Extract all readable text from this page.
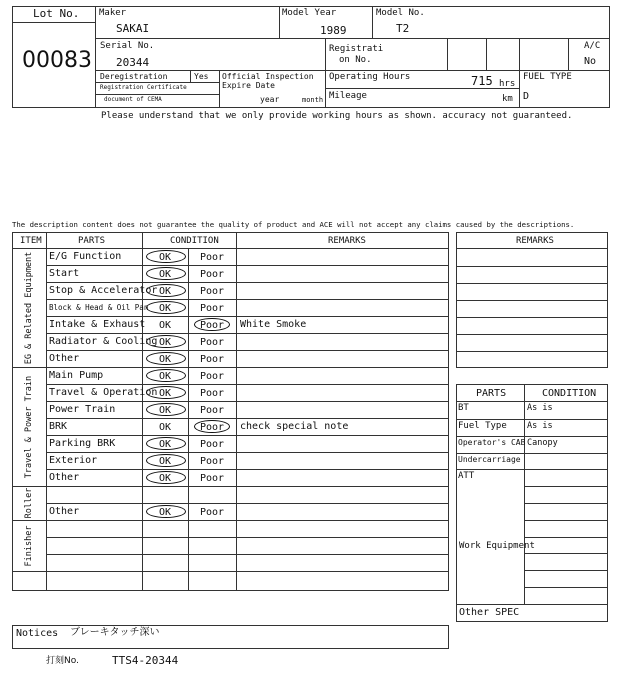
Lot No.
00083
Maker
SAKAI
Model Year
1989
Model No.
T2
Serial No.
20344
Registrati
on No.
A/C
No
Deregistration	Yes
Registration Certificate
document of CEMA
Official Inspection
Expire Date
year	month
Operating Hours	715 hrs
Mileage	km
FUEL TYPE
D
Please understand that we only provide working hours as shown. accuracy not guaranteed.
The description content does not guarantee the quality of product and ACE will not accept any claims caused by the descriptions.
ITEM	PARTS	CONDITION	REMARKS
EG & Related Equipment E/G Function	OK	Poor
Start	OK	Poor
Stop & Accelerator OK	Poor
Block & Head & Oil Pan	OK	Poor
Intake & Exhaust	OK	Poor	White Smoke
Radiator & Cooling OK	Poor
Other	OK	Poor
Travel & Power Train Main Pump	OK	Poor
Travel & Operation OK	Poor
Power Train	OK	Poor
BRK	OK	Poor	check special note
Parking BRK	OK	Poor
Exterior	OK	Poor
Other	OK	Poor
Roller Other	OK	Poor
Finisher
REMARKS
PARTS	CONDITION
BT	As is
Fuel Type As is
Operator's CAB Canopy
Undercarriage
ATT
Work Equipment
Other SPEC
Notices ブレーキタッチ深い
打刻No.	TTS4-20344
